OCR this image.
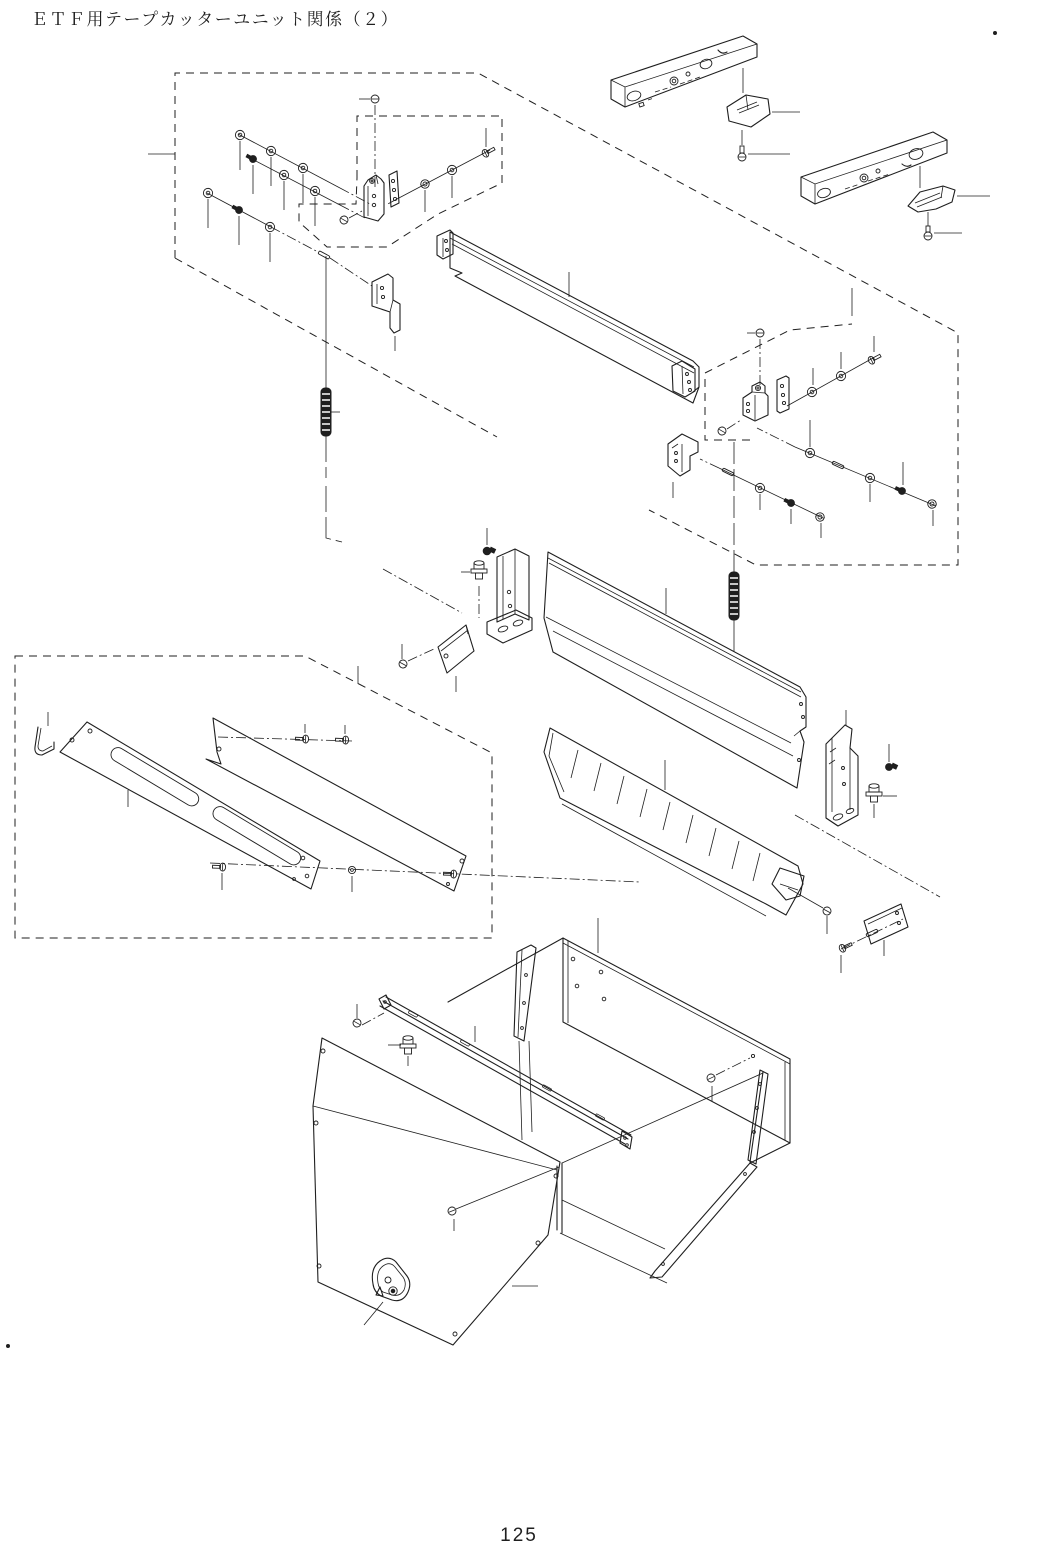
ＥＴＦ用テープカッターユニット関係（２）
125
